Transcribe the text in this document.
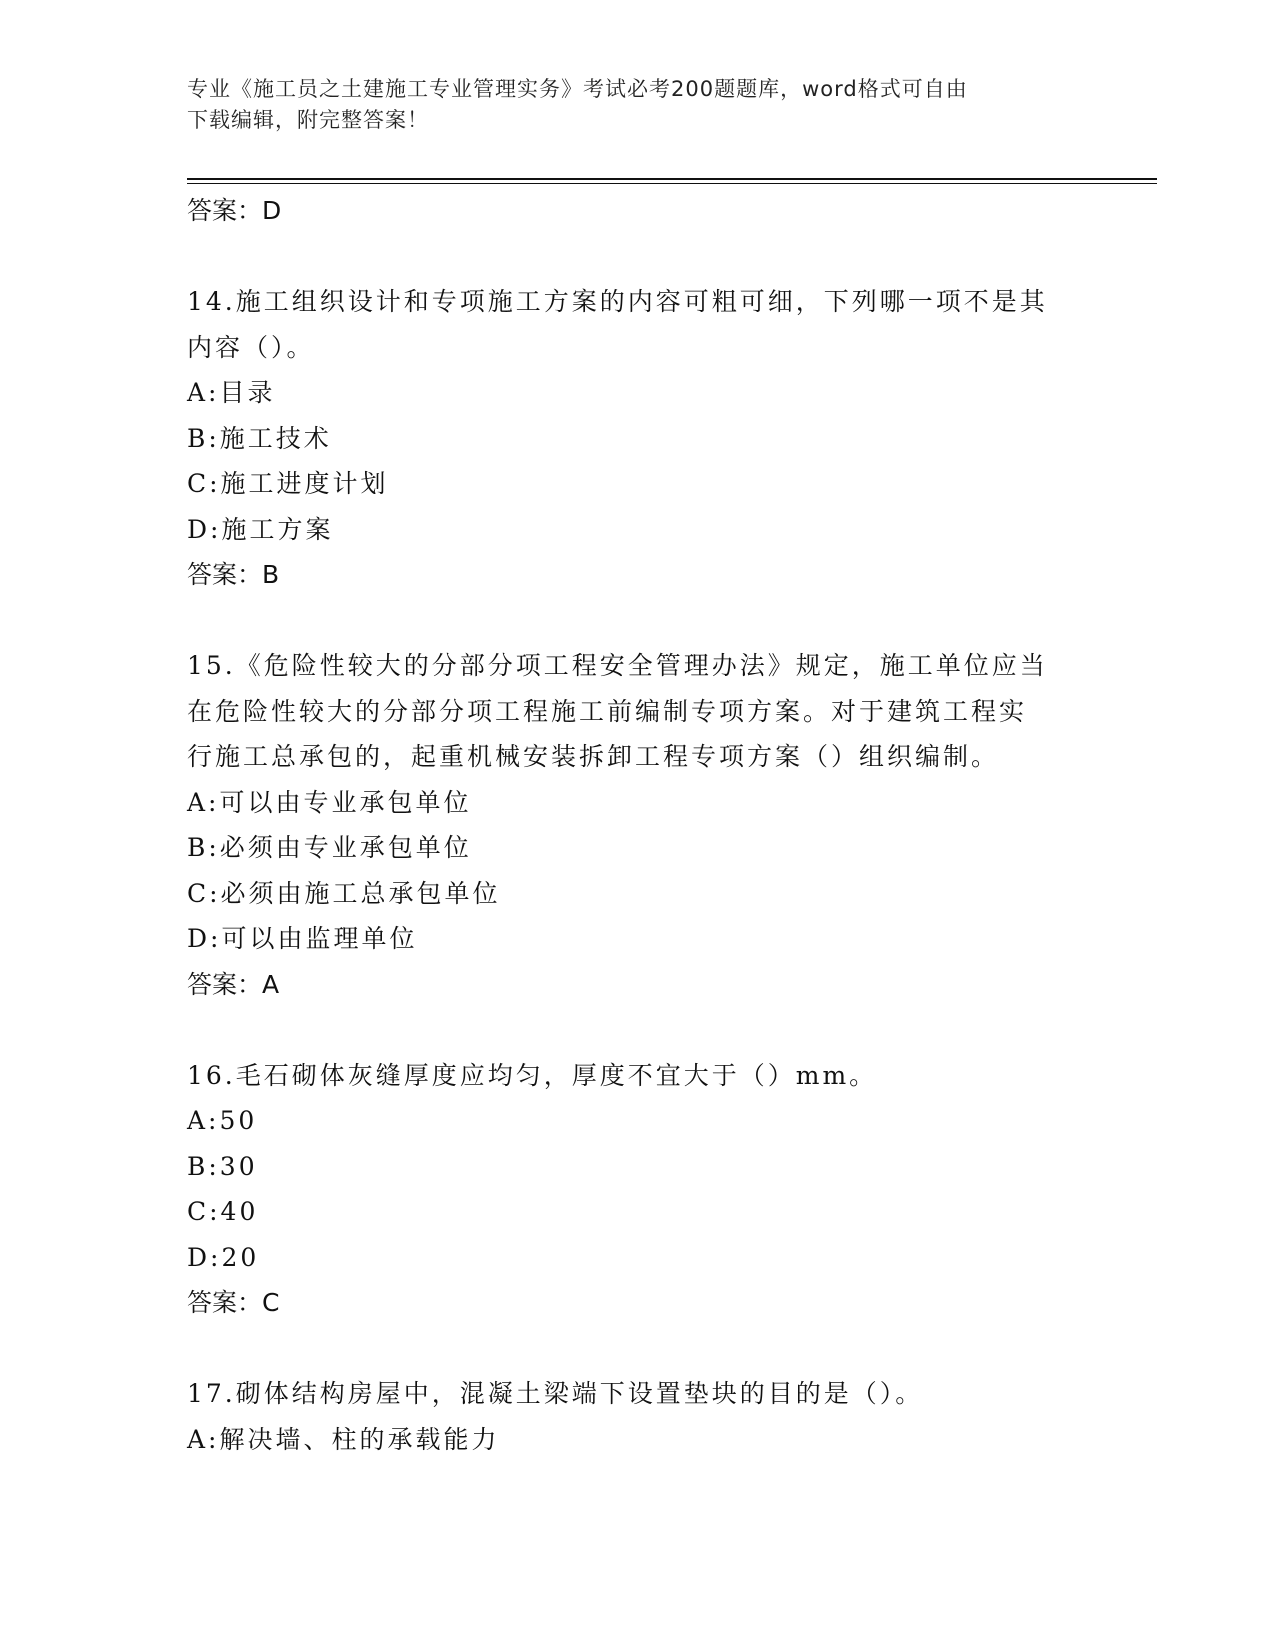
专业《施工员之土建施工专业管理实务》考试必考200题题库，word格式可自由
下载编辑，附完整答案！
答案：D
14.施工组织设计和专项施工方案的内容可粗可细，下列哪一项不是其
内容（）。
A:目录
B:施工技术
C:施工进度计划
D:施工方案
答案：B
15.《危险性较大的分部分项工程安全管理办法》规定，施工单位应当
在危险性较大的分部分项工程施工前编制专项方案。对于建筑工程实
行施工总承包的，起重机械安装拆卸工程专项方案（）组织编制。
A:可以由专业承包单位
B:必须由专业承包单位
C:必须由施工总承包单位
D:可以由监理单位
答案：A
16.毛石砌体灰缝厚度应均匀，厚度不宜大于（）mm。
A:50
B:30
C:40
D:20
答案：C
17.砌体结构房屋中，混凝土梁端下设置垫块的目的是（）。
A:解决墙、柱的承载能力
